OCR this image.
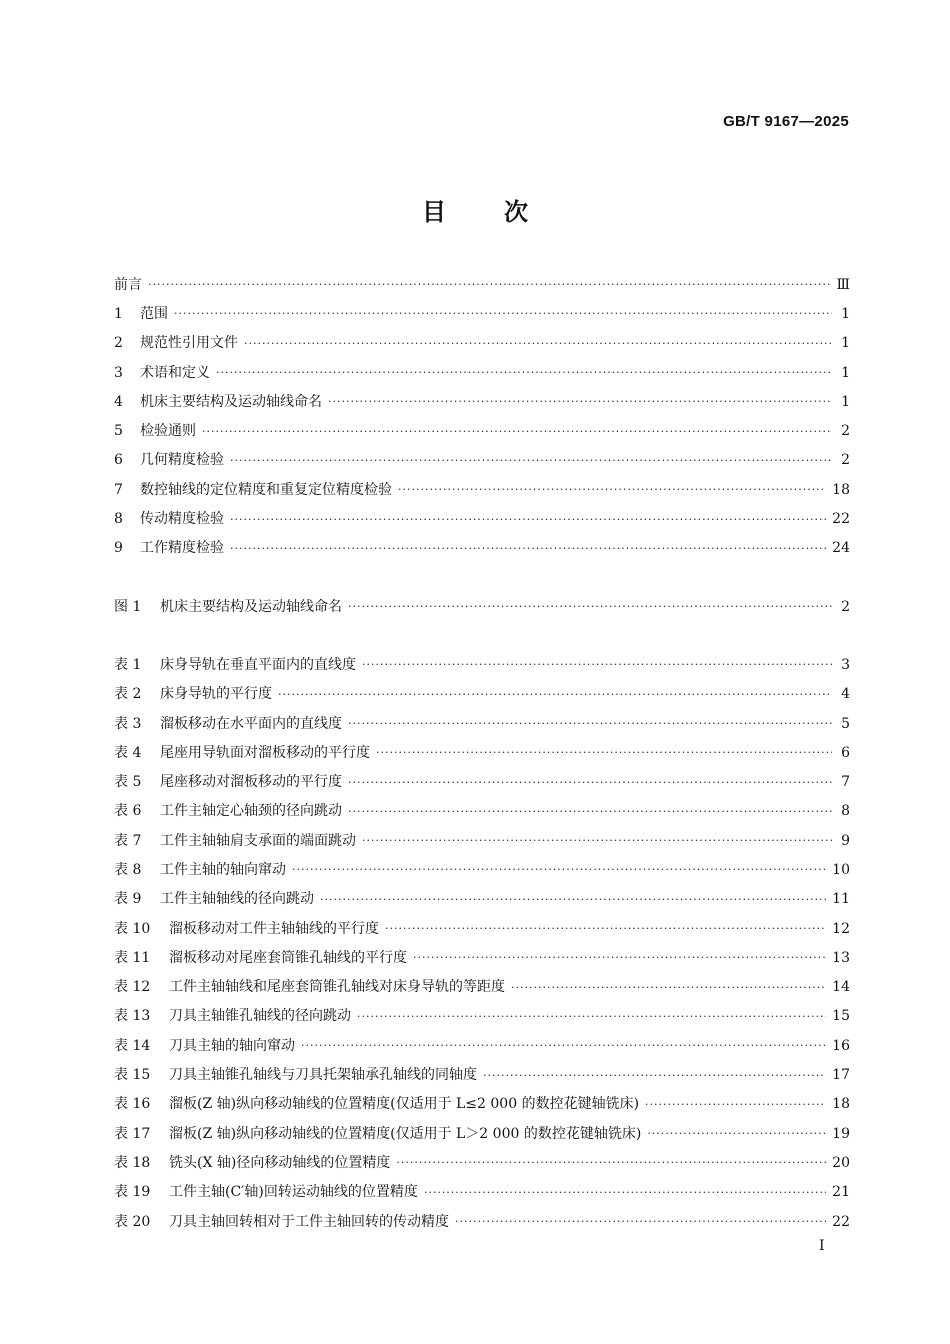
GB/T 9167—2025
目 次
前言 ·····	Ⅲ
1	范围 ·····	1
2	规范性引用文件 ·····	1
3	术语和定义 ·····	1
4	机床主要结构及运动轴线命名 ·····	1
5	检验通则 ·····	2
6	几何精度检验 ·····	2
7	数控轴线的定位精度和重复定位精度检验 ·····	18
8	传动精度检验 ·····	22
9	工作精度检验 ·····	24
图 1	机床主要结构及运动轴线命名 ·····	2
表 1	床身导轨在垂直平面内的直线度 ·····	3
表 2	床身导轨的平行度 ·····	4
表 3	溜板移动在水平面内的直线度 ·····	5
表 4	尾座用导轨面对溜板移动的平行度 ·····	6
表 5	尾座移动对溜板移动的平行度 ·····	7
表 6	工件主轴定心轴颈的径向跳动 ·····	8
表 7	工件主轴轴肩支承面的端面跳动 ·····	9
表 8	工件主轴的轴向窜动 ·····	10
表 9	工件主轴轴线的径向跳动 ·····	11
表 10	溜板移动对工件主轴轴线的平行度 ·····	12
表 11	溜板移动对尾座套筒锥孔轴线的平行度 ·····	13
表 12	工件主轴轴线和尾座套筒锥孔轴线对床身导轨的等距度 ·····	14
表 13	刀具主轴锥孔轴线的径向跳动 ·····	15
表 14	刀具主轴的轴向窜动 ·····	16
表 15	刀具主轴锥孔轴线与刀具托架轴承孔轴线的同轴度 ·····	17
表 16	溜板(Z 轴)纵向移动轴线的位置精度(仅适用于 L≤2 000 的数控花键轴铣床) ·····	18
表 17	溜板(Z 轴)纵向移动轴线的位置精度(仅适用于 L＞2 000 的数控花键轴铣床) ·····	19
表 18	铣头(X 轴)径向移动轴线的位置精度 ·····	20
表 19	工件主轴(C′轴)回转运动轴线的位置精度 ·····	21
表 20	刀具主轴回转相对于工件主轴回转的传动精度 ·····	22
I
